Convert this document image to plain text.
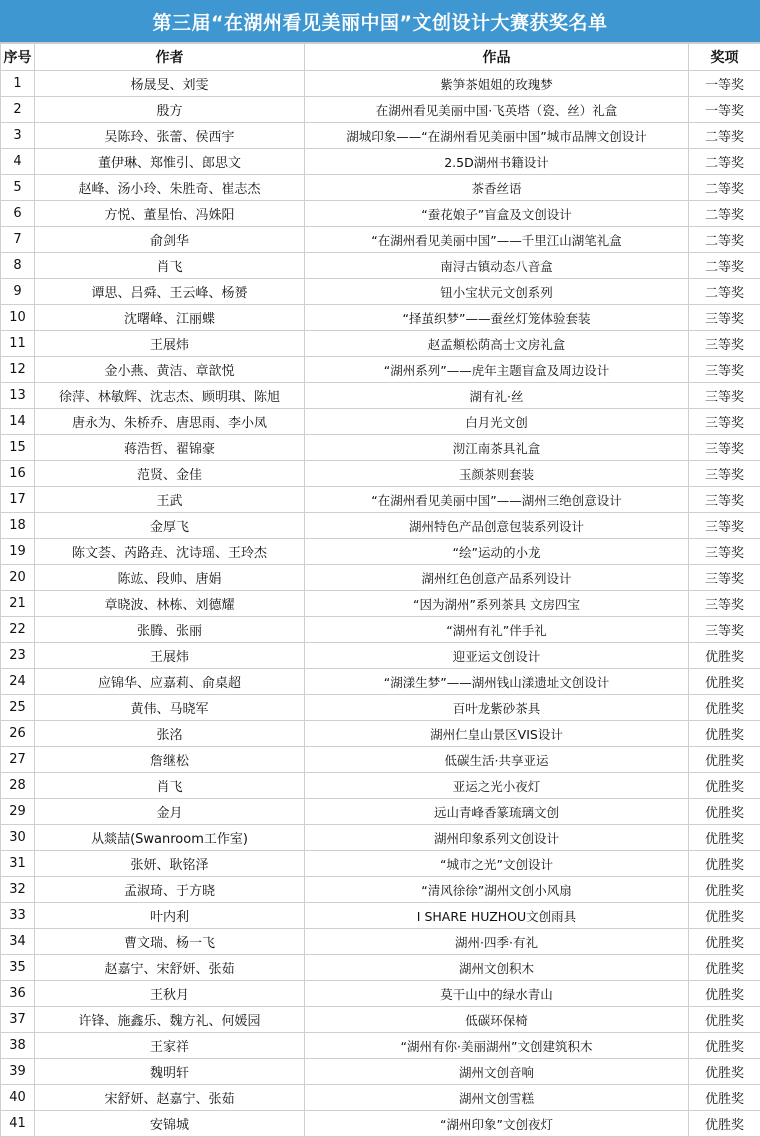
第三届“在湖州看见美丽中国”文创设计大赛获奖名单
序号	作者	作品	奖项
1	杨晟旻、刘雯	紫笋茶姐姐的玫瑰梦	一等奖
2	殷方	在湖州看见美丽中国·飞英塔（瓷、丝）礼盒	一等奖
3	吴陈玲、张蕾、侯西宇	湖城印象——“在湖州看见美丽中国”城市品牌文创设计	二等奖
4	董伊琳、郑惟引、郎思文	2.5D湖州书籍设计	二等奖
5	赵峰、汤小玲、朱胜奇、崔志杰	茶香丝语	二等奖
6	方悦、董星怡、冯姝阳	“蚕花娘子”盲盒及文创设计	二等奖
7	俞剑华	“在湖州看见美丽中国”——千里江山湖笔礼盒	二等奖
8	肖飞	南浔古镇动态八音盒	二等奖
9	谭思、吕舜、王云峰、杨赟	钮小宝状元文创系列	二等奖
10	沈曙峰、江丽蝶	“择茧织梦”——蚕丝灯笼体验套装	三等奖
11	王展炜	赵孟頫松荫高士文房礼盒	三等奖
12	金小燕、黄洁、章歆悦	“湖州系列”——虎年主题盲盒及周边设计	三等奖
13	徐萍、林敏辉、沈志杰、顾明琪、陈旭	湖有礼·丝	三等奖
14	唐永为、朱桥乔、唐思雨、李小凤	白月光文创	三等奖
15	蒋浩哲、翟锦豪	沏江南茶具礼盒	三等奖
16	范贤、金佳	玉颜茶则套装	三等奖
17	王武	“在湖州看见美丽中国”——湖州三绝创意设计	三等奖
18	金厚飞	湖州特色产品创意包装系列设计	三等奖
19	陈文荟、芮路垚、沈诗瑶、王玲杰	“绘”运动的小龙	三等奖
20	陈竑、段帅、唐娟	湖州红色创意产品系列设计	三等奖
21	章晓波、林栋、刘德耀	“因为湖州”系列茶具 文房四宝	三等奖
22	张腾、张丽	“湖州有礼”伴手礼	三等奖
23	王展炜	迎亚运文创设计	优胜奖
24	应锦华、应嘉莉、俞桌超	“湖漾生梦”——湖州钱山漾遗址文创设计	优胜奖
25	黄伟、马晓军	百叶龙紫砂茶具	优胜奖
26	张洺	湖州仁皇山景区VIS设计	优胜奖
27	詹继松	低碳生活·共享亚运	优胜奖
28	肖飞	亚运之光小夜灯	优胜奖
29	金月	远山青峰香篆琉璃文创	优胜奖
30	从燚喆(Swanroom工作室)	湖州印象系列文创设计	优胜奖
31	张妍、耿铭泽	“城市之光”文创设计	优胜奖
32	孟淑琦、于方晓	“清风徐徐”湖州文创小风扇	优胜奖
33	叶内利	I SHARE HUZHOU文创雨具	优胜奖
34	曹文瑞、杨一飞	湖州·四季·有礼	优胜奖
35	赵嘉宁、宋舒妍、张茹	湖州文创积木	优胜奖
36	王秋月	莫干山中的绿水青山	优胜奖
37	许锋、施鑫乐、魏方礼、何媛园	低碳环保椅	优胜奖
38	王家祥	“湖州有你·美丽湖州”文创建筑积木	优胜奖
39	魏明轩	湖州文创音响	优胜奖
40	宋舒妍、赵嘉宁、张茹	湖州文创雪糕	优胜奖
41	安锦城	“湖州印象”文创夜灯	优胜奖
